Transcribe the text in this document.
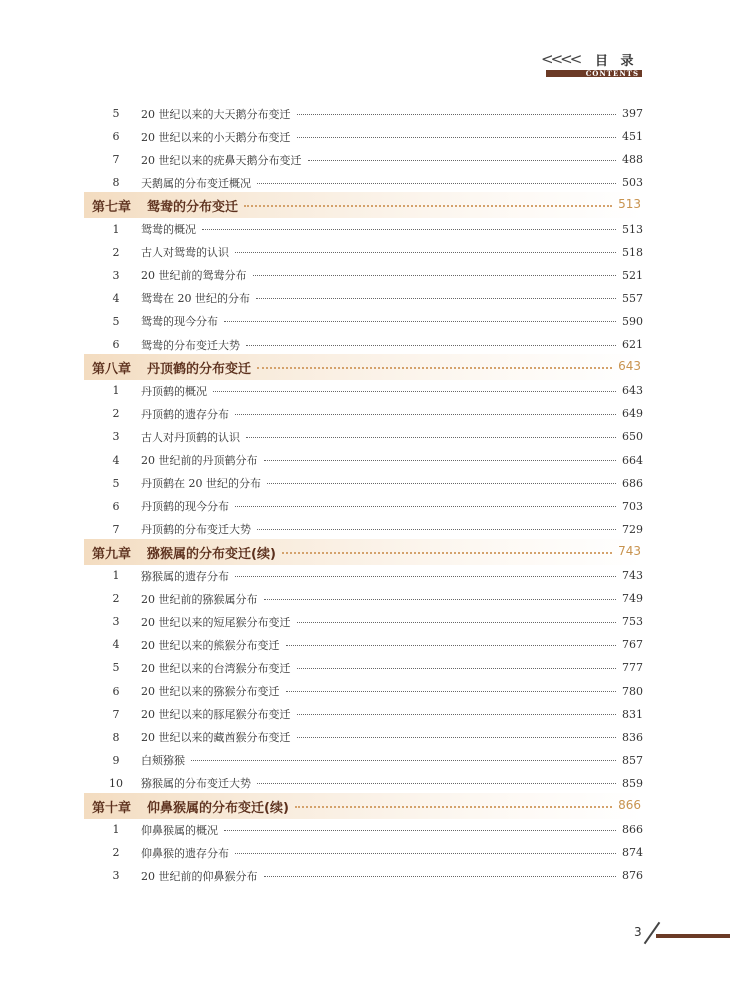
<<<< 目 录
CONTENTS
5	20 世纪以来的大天鹅分布变迁	397
6	20 世纪以来的小天鹅分布变迁	451
7	20 世纪以来的疣鼻天鹅分布变迁	488
8	天鹅属的分布变迁概况	503
第七章 鸳鸯的分布变迁	513
1	鸳鸯的概况	513
2	古人对鸳鸯的认识	518
3	20 世纪前的鸳鸯分布	521
4	鸳鸯在 20 世纪的分布	557
5	鸳鸯的现今分布	590
6	鸳鸯的分布变迁大势	621
第八章 丹顶鹤的分布变迁	643
1	丹顶鹤的概况	643
2	丹顶鹤的遗存分布	649
3	古人对丹顶鹤的认识	650
4	20 世纪前的丹顶鹤分布	664
5	丹顶鹤在 20 世纪的分布	686
6	丹顶鹤的现今分布	703
7	丹顶鹤的分布变迁大势	729
第九章 猕猴属的分布变迁(续)	743
1	猕猴属的遗存分布	743
2	20 世纪前的猕猴属分布	749
3	20 世纪以来的短尾猴分布变迁	753
4	20 世纪以来的熊猴分布变迁	767
5	20 世纪以来的台湾猴分布变迁	777
6	20 世纪以来的猕猴分布变迁	780
7	20 世纪以来的豚尾猴分布变迁	831
8	20 世纪以来的藏酋猴分布变迁	836
9	白颊猕猴	857
10	猕猴属的分布变迁大势	859
第十章 仰鼻猴属的分布变迁(续)	866
1	仰鼻猴属的概况	866
2	仰鼻猴的遗存分布	874
3	20 世纪前的仰鼻猴分布	876
3
